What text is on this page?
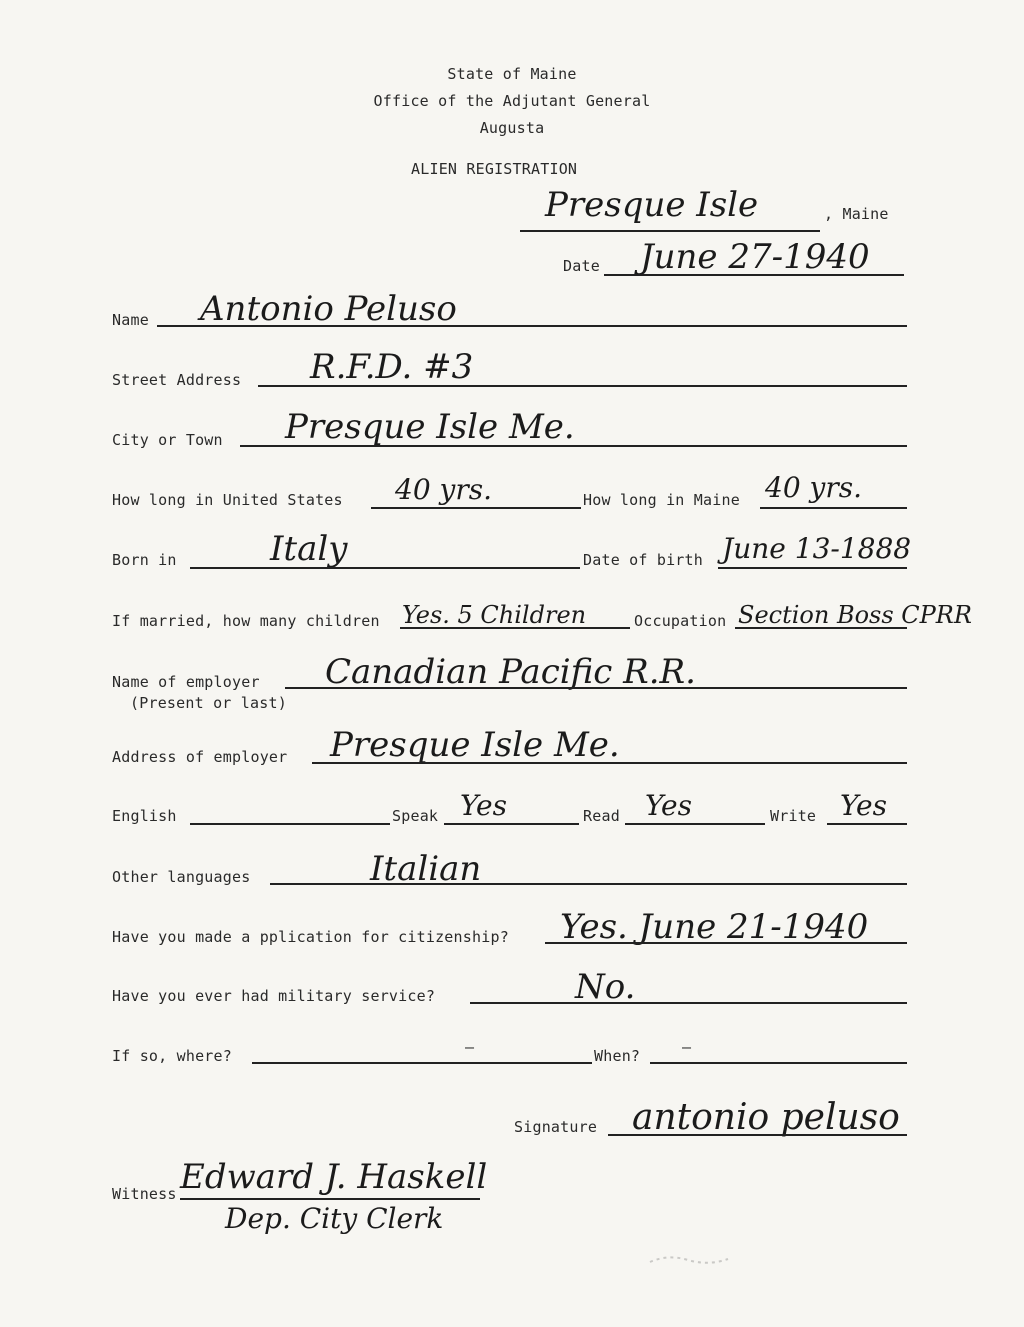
State of Maine
Office of the Adjutant General
Augusta
ALIEN REGISTRATION
Presque Isle	, Maine
Date June 27-1940
Name Antonio Peluso
Street Address R.F.D. #3
City or Town Presque Isle Me.
How long in United States 40 yrs.	How long in Maine 40 yrs.
Born in	Italy	Date of birth June 13-1888
If married, how many children Yes. 5 Children	Occupation Section Boss CPRR
Name of employer
(Present or last)
Canadian Pacific R.R.
Address of employer Presque Isle Me.
English	Speak Yes	Read Yes	Write Yes
Other languages	Italian
Have you made a pplication for citizenship? Yes. June 21-1940
Have you ever had military service?	No.
If so, where?	—	When?	—
Signature antonio peluso
Witness Edward J. Haskell
Dep. City Clerk
